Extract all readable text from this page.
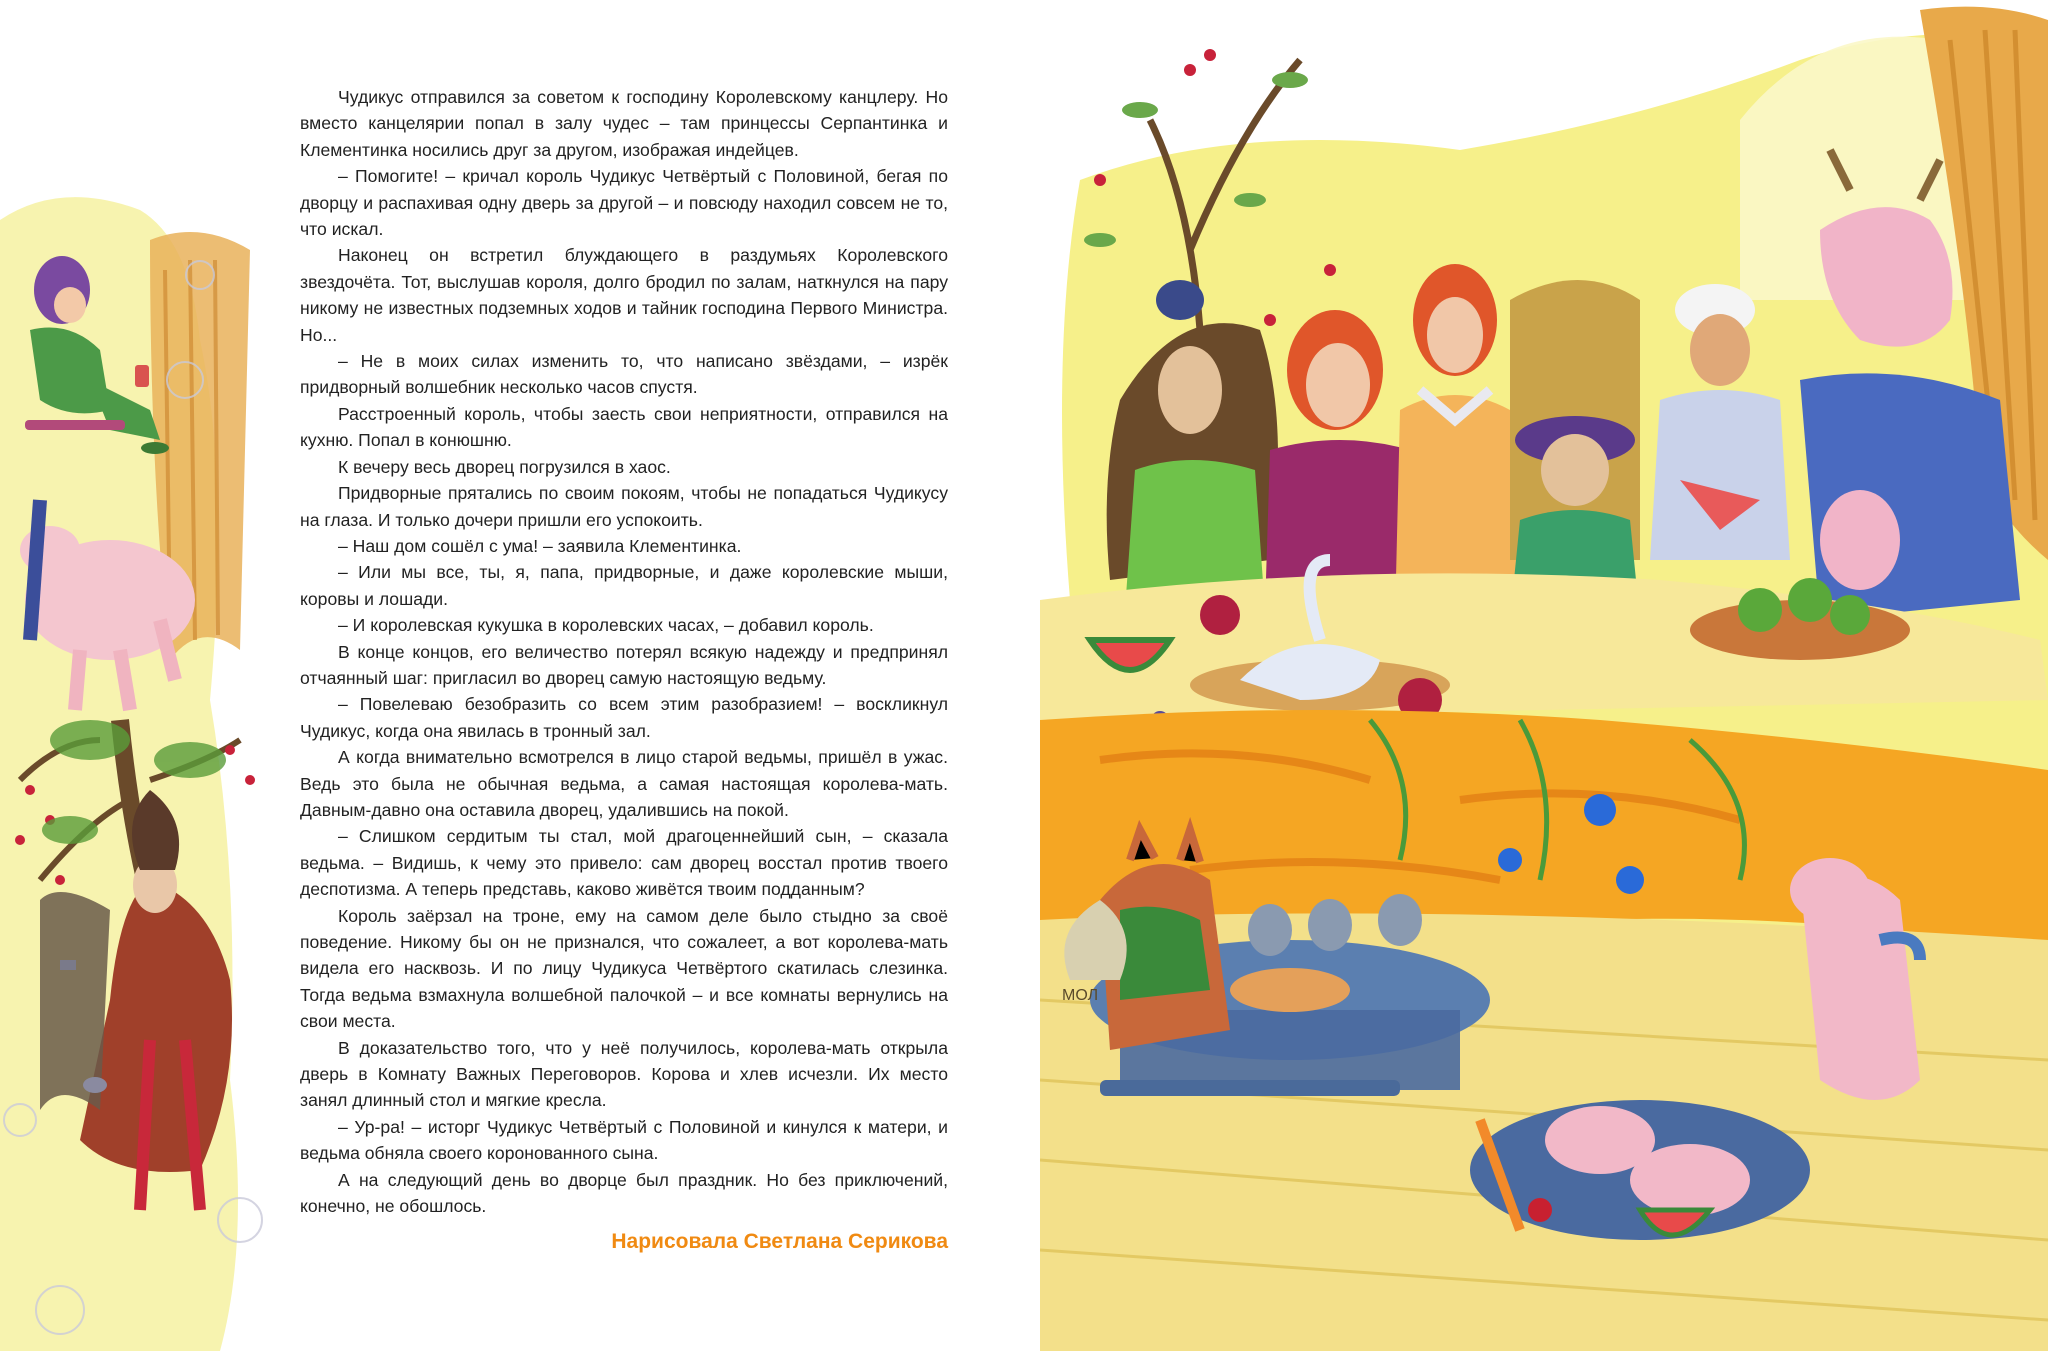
Чудикус отправился за советом к господину Королевскому канцлеру. Но вместо канцелярии попал в залу чудес – там принцессы Серпантинка и Клементинка носились друг за другом, изображая индейцев.

– Помогите! – кричал король Чудикус Четвёртый с Половиной, бегая по дворцу и распахивая одну дверь за другой – и повсюду находил совсем не то, что искал.

Наконец он встретил блуждающего в раздумьях Королевского звездочёта. Тот, выслушав короля, долго бродил по залам, наткнулся на пару никому не известных подземных ходов и тайник господина Первого Министра. Но...

– Не в моих силах изменить то, что написано звёздами, – изрёк придворный волшебник несколько часов спустя.

Расстроенный король, чтобы заесть свои неприятности, отправился на кухню. Попал в конюшню.

К вечеру весь дворец погрузился в хаос.

Придворные прятались по своим покоям, чтобы не попадаться Чудикусу на глаза. И только дочери пришли его успокоить.

– Наш дом сошёл с ума! – заявила Клементинка.

– Или мы все, ты, я, папа, придворные, и даже королевские мыши, коровы и лошади.

– И королевская кукушка в королевских часах, – добавил король.

В конце концов, его величество потерял всякую надежду и предпринял отчаянный шаг: пригласил во дворец самую настоящую ведьму.

– Повелеваю безобразить со всем этим разобразием! – воскликнул Чудикус, когда она явилась в тронный зал.

А когда внимательно всмотрелся в лицо старой ведьмы, пришёл в ужас. Ведь это была не обычная ведьма, а самая настоящая королева-мать. Давным-давно она оставила дворец, удалившись на покой.

– Слишком сердитым ты стал, мой драгоценнейший сын, – сказала ведьма. – Видишь, к чему это привело: сам дворец восстал против твоего деспотизма. А теперь представь, каково живётся твоим подданным?

Король заёрзал на троне, ему на самом деле было стыдно за своё поведение. Никому бы он не признался, что сожалеет, а вот королева-мать видела его насквозь. И по лицу Чудикуса Четвёртого скатилась слезинка. Тогда ведьма взмахнула волшебной палочкой – и все комнаты вернулись на свои места.

В доказательство того, что у неё получилось, королева-мать открыла дверь в Комнату Важных Переговоров. Корова и хлев исчезли. Их место занял длинный стол и мягкие кресла.

– Ур-ра! – исторг Чудикус Четвёртый с Половиной и кинулся к матери, и ведьма обняла своего коронованного сына.

А на следующий день во дворце был праздник. Но без приключений, конечно, не обошлось.

Нарисовала Светлана Серикова
МОЛ
